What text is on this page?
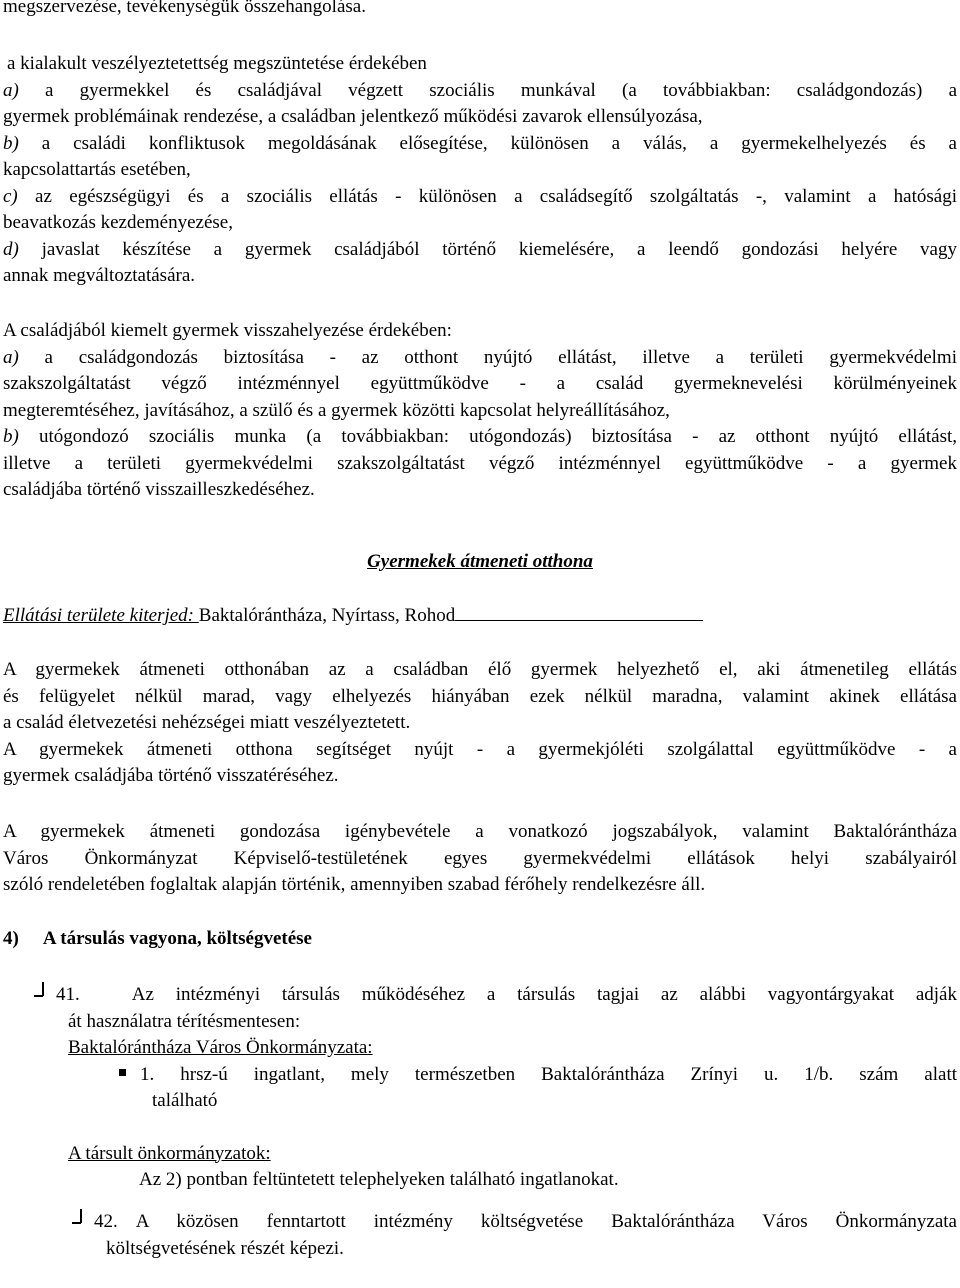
megszervezése, tevékenységük összehangolása.
a kialakult veszélyeztetettség megszüntetése érdekében
a) a gyermekkel és családjával végzett szociális munkával (a továbbiakban: családgondozás) a
gyermek problémáinak rendezése, a családban jelentkező működési zavarok ellensúlyozása,
b) a családi konfliktusok megoldásának elősegítése, különösen a válás, a gyermekelhelyezés és a
kapcsolattartás esetében,
c) az egészségügyi és a szociális ellátás - különösen a családsegítő szolgáltatás -, valamint a hatósági
beavatkozás kezdeményezése,
d) javaslat készítése a gyermek családjából történő kiemelésére, a leendő gondozási helyére vagy
annak megváltoztatására.
A családjából kiemelt gyermek visszahelyezése érdekében:
a) a családgondozás biztosítása - az otthont nyújtó ellátást, illetve a területi gyermekvédelmi
szakszolgáltatást végző intézménnyel együttműködve - a család gyermeknevelési körülményeinek
megteremtéséhez, javításához, a szülő és a gyermek közötti kapcsolat helyreállításához,
b) utógondozó szociális munka (a továbbiakban: utógondozás) biztosítása - az otthont nyújtó ellátást,
illetve a területi gyermekvédelmi szakszolgáltatást végző intézménnyel együttműködve - a gyermek
családjába történő visszailleszkedéséhez.
Gyermekek átmeneti otthona
Ellátási területe kiterjed: Baktalórántháza, Nyírtass, Rohod
A gyermekek átmeneti otthonában az a családban élő gyermek helyezhető el, aki átmenetileg ellátás
és felügyelet nélkül marad, vagy elhelyezés hiányában ezek nélkül maradna, valamint akinek ellátása
a család életvezetési nehézségei miatt veszélyeztetett.
A gyermekek átmeneti otthona segítséget nyújt - a gyermekjóléti szolgálattal együttműködve - a
gyermek családjába történő visszatéréséhez.
A gyermekek átmeneti gondozása igénybevétele a vonatkozó jogszabályok, valamint Baktalórántháza
Város Önkormányzat Képviselő-testületének egyes gyermekvédelmi ellátások helyi szabályairól
szóló rendeletében foglaltak alapján történik, amennyiben szabad férőhely rendelkezésre áll.
4) A társulás vagyona, költségvetése
41.	Az intézményi társulás működéséhez a társulás tagjai az alábbi vagyontárgyakat adják
át használatra térítésmentesen:
Baktalórántháza Város Önkormányzata:
1. hrsz-ú ingatlant, mely természetben Baktalórántháza Zrínyi u. 1/b. szám alatt
található
A társult önkormányzatok:
Az 2) pontban feltüntetett telephelyeken található ingatlanokat.
42. A közösen fenntartott intézmény költségvetése Baktalórántháza Város Önkormányzata
költségvetésének részét képezi.
